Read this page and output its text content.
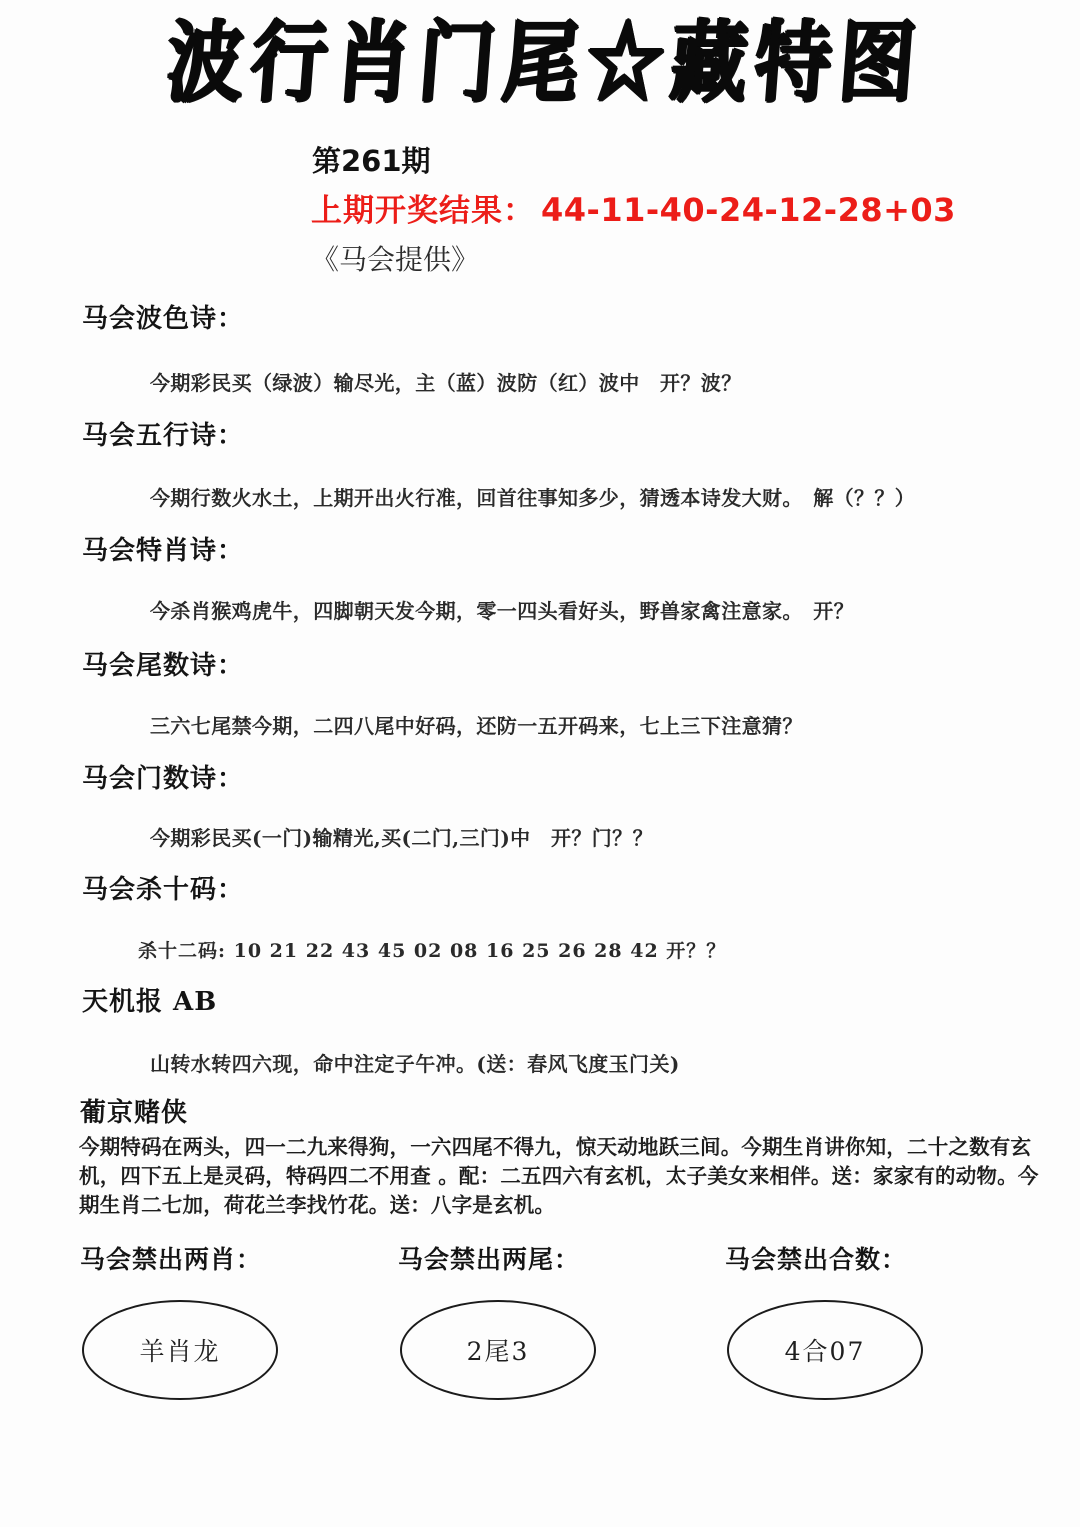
波行肖门尾☆藏特图
第261期
上期开奖结果： 44-11-40-24-12-28+03
《马会提供》
马会波色诗：
今期彩民买（绿波）输尽光，主（蓝）波防（红）波中　开？波？
马会五行诗：
今期行数火水土，上期开出火行准，回首往事知多少，猜透本诗发大财。　解（？？）
马会特肖诗：
今杀肖猴鸡虎牛，四脚朝天发今期，零一四头看好头，野兽家禽注意家。　开？
马会尾数诗：
三六七尾禁今期，二四八尾中好码，还防一五开码来，七上三下注意猜？
马会门数诗：
今期彩民买(一门)输精光,买(二门,三门)中　开？门？？
马会杀十码：
杀十二码: 10 21 22 43 45 02 08 16 25 26 28 42 开？？
天机报 AB
山转水转四六现，命中注定子午冲。(送：春风飞度玉门关)
葡京赌侠
今期特码在两头，四一二九来得狗，一六四尾不得九，惊天动地跃三间。今期生肖讲你知，二十之数有玄
机，四下五上是灵码，特码四二不用查 。配：二五四六有玄机，太子美女来相伴。送：家家有的动物。今
期生肖二七加，荷花兰李找竹花。送：八字是玄机。
马会禁出两肖：
羊肖龙
马会禁出两尾：
2尾3
马会禁出合数：
4合07
